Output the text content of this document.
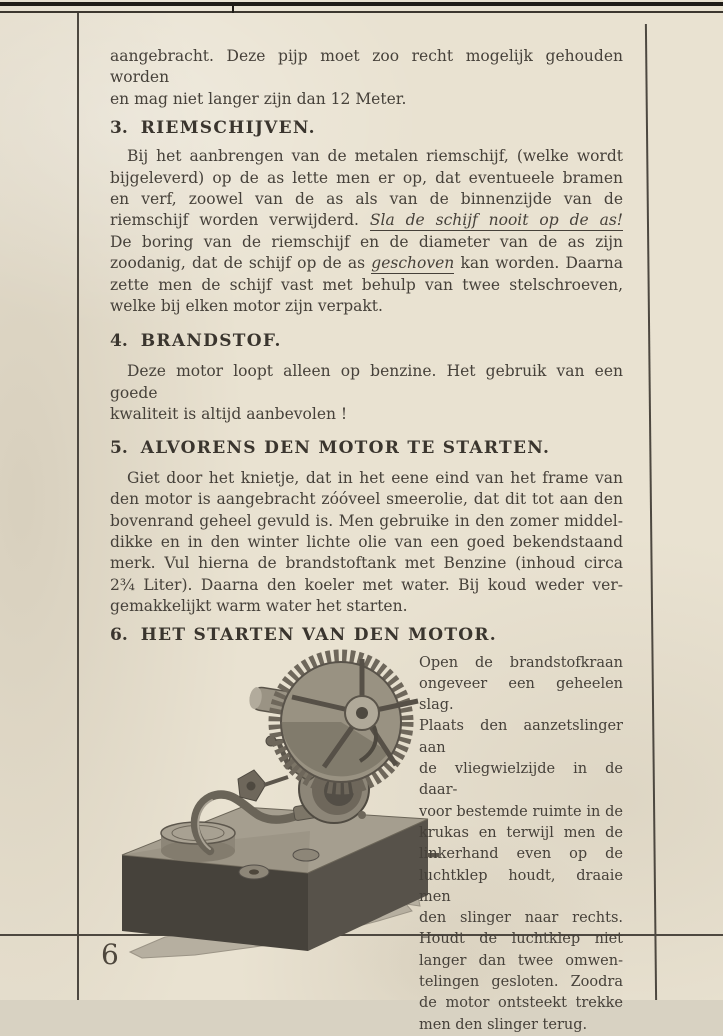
aangebracht. Deze pijp moet zoo recht mogelijk gehouden worden
en mag niet langer zijn dan 12 Meter.
3. RIEMSCHIJVEN.
Bij het aanbrengen van de metalen riemschijf, (welke wordt
bijgeleverd) op de as lette men er op, dat eventueele bramen
en verf, zoowel van de as als van de binnenzijde van de
riemschijf worden verwijderd. Sla de schijf nooit op de as!
De boring van de riemschijf en de diameter van de as zijn
zoodanig, dat de schijf op de as geschoven kan worden. Daarna
zette men de schijf vast met behulp van twee stelschroeven,
welke bij elken motor zijn verpakt.
4. BRANDSTOF.
Deze motor loopt alleen op benzine. Het gebruik van een goede
kwaliteit is altijd aanbevolen !
5. ALVORENS DEN MOTOR TE STARTEN.
Giet door het knietje, dat in het eene eind van het frame van
den motor is aangebracht zóóveel smeerolie, dat dit tot aan den
bovenrand geheel gevuld is. Men gebruike in den zomer middel-
dikke en in den winter lichte olie van een goed bekendstaand
merk. Vul hierna de brandstoftank met Benzine (inhoud circa
2¾ Liter). Daarna den koeler met water. Bij koud weder ver-
gemakkelijkt warm water het starten.
6. HET STARTEN VAN DEN MOTOR.
Open de brandstofkraan
ongeveer een geheelen slag.
Plaats den aanzetslinger aan
de vliegwielzijde in de daar-
voor bestemde ruimte in de
krukas en terwijl men de
linkerhand even op de
luchtklep houdt, draaie men
den slinger naar rechts.
Houdt de luchtklep niet
langer dan twee omwen-
telingen gesloten. Zoodra
de motor ontsteekt trekke
men den slinger terug.
6
